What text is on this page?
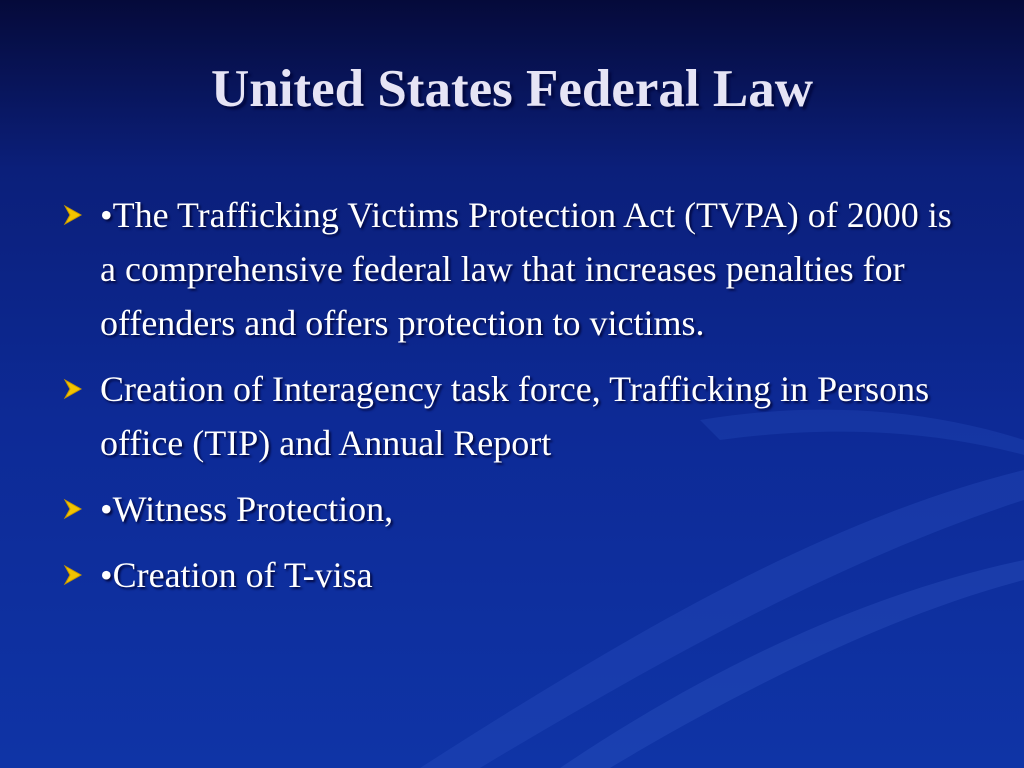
United States Federal Law
•The Trafficking Victims Protection Act (TVPA) of 2000 is a comprehensive federal law that increases penalties for offenders and offers protection to victims.
Creation of Interagency task force, Trafficking in Persons office (TIP) and Annual Report
•Witness Protection,
•Creation of T-visa
